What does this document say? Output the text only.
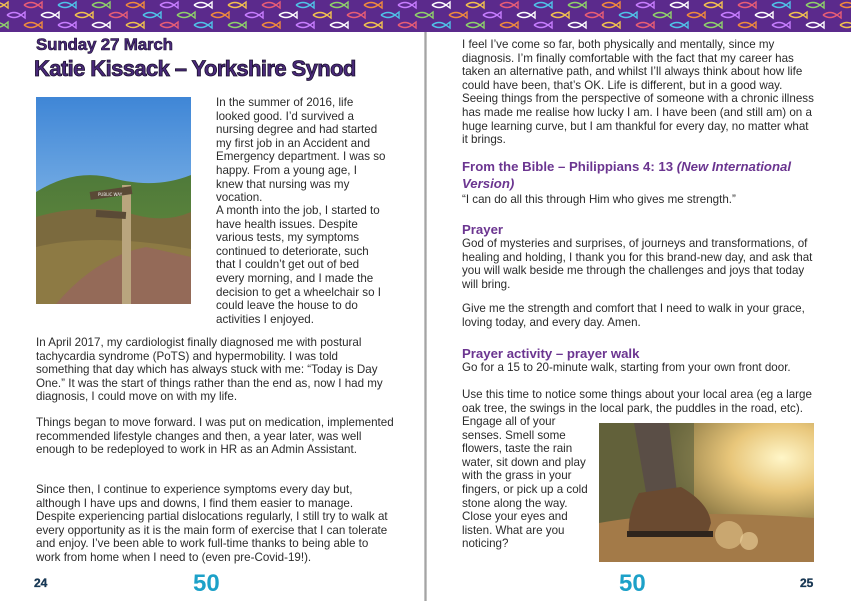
Sunday 27 March
Katie Kissack – Yorkshire Synod
PUBLIC WAY

In the summer of 2016, life looked good. I’d survived a nursing degree and had started my first job in an Accident and Emergency department. I was so happy. From a young age, I knew that nursing was my vocation.

A month into the job, I started to have health issues. Despite various tests, my symptoms continued to deteriorate, such that I couldn’t get out of bed every morning, and I made the decision to get a wheelchair so I could leave the house to do activities I enjoyed.

In April 2017, my cardiologist finally diagnosed me with postural tachycardia syndrome (PoTS) and hypermobility. I was told something that day which has always stuck with me: “Today is Day One.” It was the start of things rather than the end as, now I had my diagnosis, I could move on with my life.

Things began to move forward. I was put on medication, implemented recommended lifestyle changes and then, a year later, was well enough to be redeployed to work in HR as an Admin Assistant.

Since then, I continue to experience symptoms every day but, although I have ups and downs, I find them easier to manage. Despite experiencing partial dislocations regularly, I still try to walk at every opportunity as it is the main form of exercise that I can tolerate and enjoy. I’ve been able to work full-time thanks to being able to work from home when I need to (even pre-Covid-19!).

24	50

I feel I’ve come so far, both physically and mentally, since my diagnosis. I’m finally comfortable with the fact that my career has taken an alternative path, and whilst I’ll always think about how life could have been, that’s OK. Life is different, but in a good way. Seeing things from the perspective of someone with a chronic illness has made me realise how lucky I am. I have been (and still am) on a huge learning curve, but I am thankful for every day, no matter what it brings.

From the Bible – Philippians 4: 13 (New International Version)

“I can do all this through Him who gives me strength.”

Prayer

God of mysteries and surprises, of journeys and transformations, of healing and holding, I thank you for this brand-new day, and ask that you will walk beside me through the challenges and joys that today will bring.

Give me the strength and comfort that I need to walk in your grace, loving today, and every day. Amen.

Prayer activity – prayer walk

Go for a 15 to 20-minute walk, starting from your own front door.

Use this time to notice some things about your local area (eg a large oak tree, the swings in the local park, the puddles in the road, etc).

Engage all of your senses. Smell some flowers, taste the rain water, sit down and play with the grass in your fingers, or pick up a cold stone along the way. Close your eyes and listen. What are you noticing?

50	25
